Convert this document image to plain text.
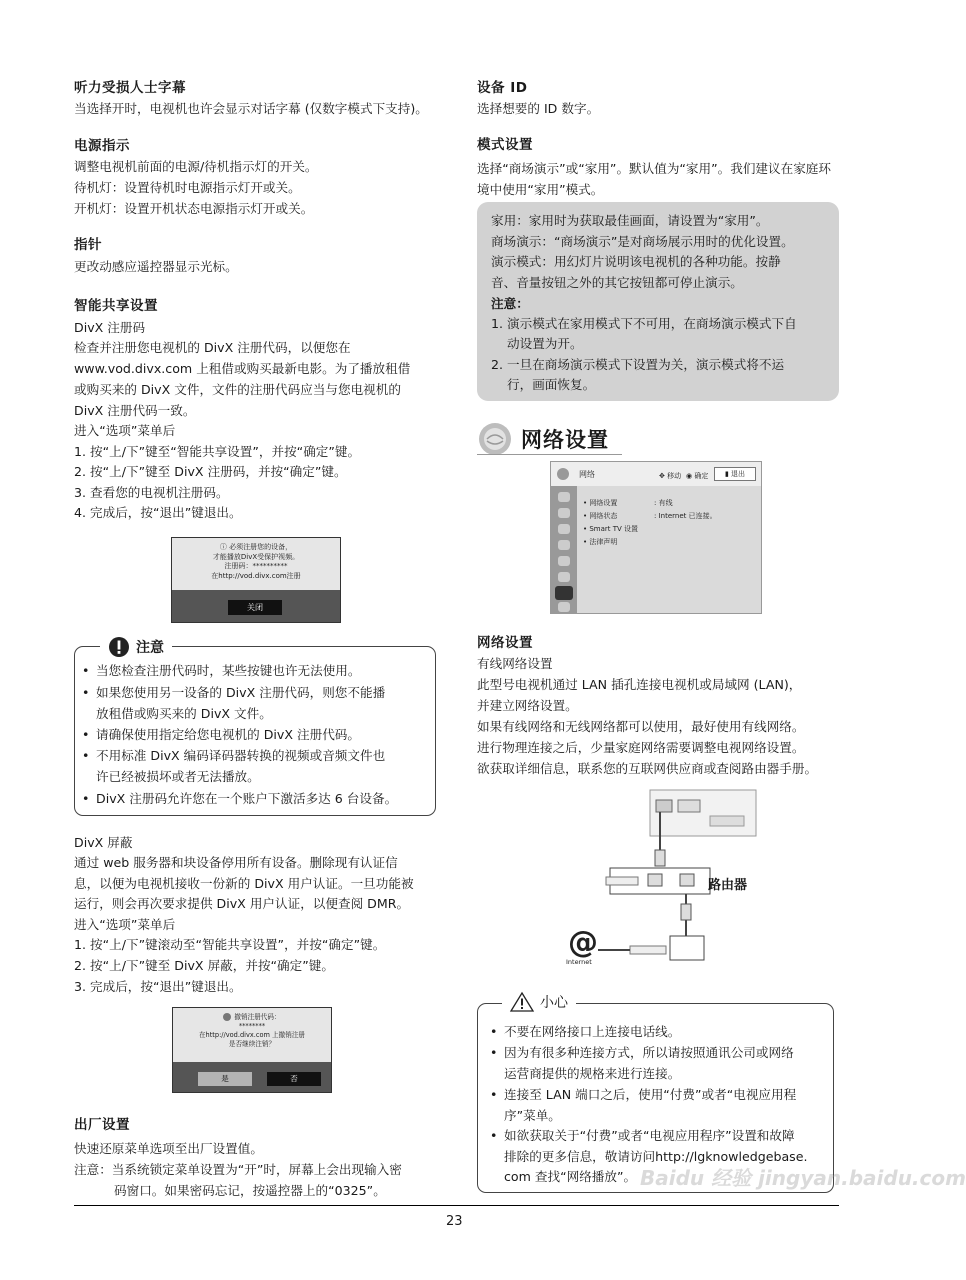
听力受损人士字幕
当选择开时，电视机也许会显示对话字幕 (仅数字模式下支持)。
电源指示
调整电视机前面的电源/待机指示灯的开关。
待机灯：设置待机时电源指示灯开或关。
开机灯：设置开机状态电源指示灯开或关。
指针
更改动感应遥控器显示光标。
智能共享设置
DivX 注册码
检查并注册您电视机的 DivX 注册代码，以便您在
www.vod.divx.com 上租借或购买最新电影。为了播放租借
或购买来的 DivX 文件，文件的注册代码应当与您电视机的
DivX 注册代码一致。
进入“选项”菜单后
1. 按“上/下”键至“智能共享设置”，并按“确定”键。
2. 按“上/下”键至 DivX 注册码，并按“确定”键。
3. 查看您的电视机注册码。
4. 完成后，按“退出”键退出。
ⓘ 必须注册您的设备，
才能播放DivX受保护视频。
注册码：**********
在http://vod.divx.com注册
关闭
注意
• 当您检查注册代码时，某些按键也许无法使用。
• 如果您使用另一设备的 DivX 注册代码，则您不能播
放租借或购买来的 DivX 文件。
• 请确保使用指定给您电视机的 DivX 注册代码。
• 不用标准 DivX 编码译码器转换的视频或音频文件也
许已经被损坏或者无法播放。
• DivX 注册码允许您在一个账户下激活多达 6 台设备。
DivX 屏蔽
通过 web 服务器和块设备停用所有设备。删除现有认证信
息，以便为电视机接收一份新的 DivX 用户认证。一旦功能被
运行，则会再次要求提供 DivX 用户认证，以便查阅 DMR。
进入“选项”菜单后
1. 按“上/下”键滚动至“智能共享设置”，并按“确定”键。
2. 按“上/下”键至 DivX 屏蔽，并按“确定”键。
3. 完成后，按“退出”键退出。
撤销注册代码：
********
在http://vod.divx.com 上撤销注册
是否继续注销？
是	否
出厂设置
快速还原菜单选项至出厂设置值。
注意：当系统锁定菜单设置为“开”时，屏幕上会出现输入密
码窗口。如果密码忘记，按遥控器上的“0325”。
设备 ID
选择想要的 ID 数字。
模式设置
选择“商场演示”或“家用”。默认值为“家用”。我们建议在家庭环
境中使用“家用”模式。
家用：家用时为获取最佳画面，请设置为“家用”。
商场演示：“商场演示”是对商场展示用时的优化设置。
演示模式：用幻灯片说明该电视机的各种功能。按静
音、音量按钮之外的其它按钮都可停止演示。
注意：
1. 演示模式在家用模式下不可用，在商场演示模式下自
动设置为开。
2. 一旦在商场演示模式下设置为关，演示模式将不运
行，画面恢复。
网络设置
网络	✥ 移动 ◉ 确定	▮ 退出
• 网络设置	: 有线
• 网络状态	: Internet 已连接。
• Smart TV 设置
• 法律声明
网络设置
有线网络设置
此型号电视机通过 LAN 插孔连接电视机或局域网 (LAN)，
并建立网络设置。
如果有线网络和无线网络都可以使用，最好使用有线网络。
进行物理连接之后，少量家庭网络需要调整电视网络设置。
欲获取详细信息，联系您的互联网供应商或查阅路由器手册。
@
路由器
Internet
小心
• 不要在网络接口上连接电话线。
• 因为有很多种连接方式，所以请按照通讯公司或网络
运营商提供的规格来进行连接。
• 连接至 LAN 端口之后，使用“付费”或者“电视应用程
序”菜单。
• 如欲获取关于“付费”或者“电视应用程序”设置和故障
排除的更多信息，敬请访问http://lgknowledgebase.
com 查找“网络播放”。
23
Baidu 经验 jingyan.baidu.com
